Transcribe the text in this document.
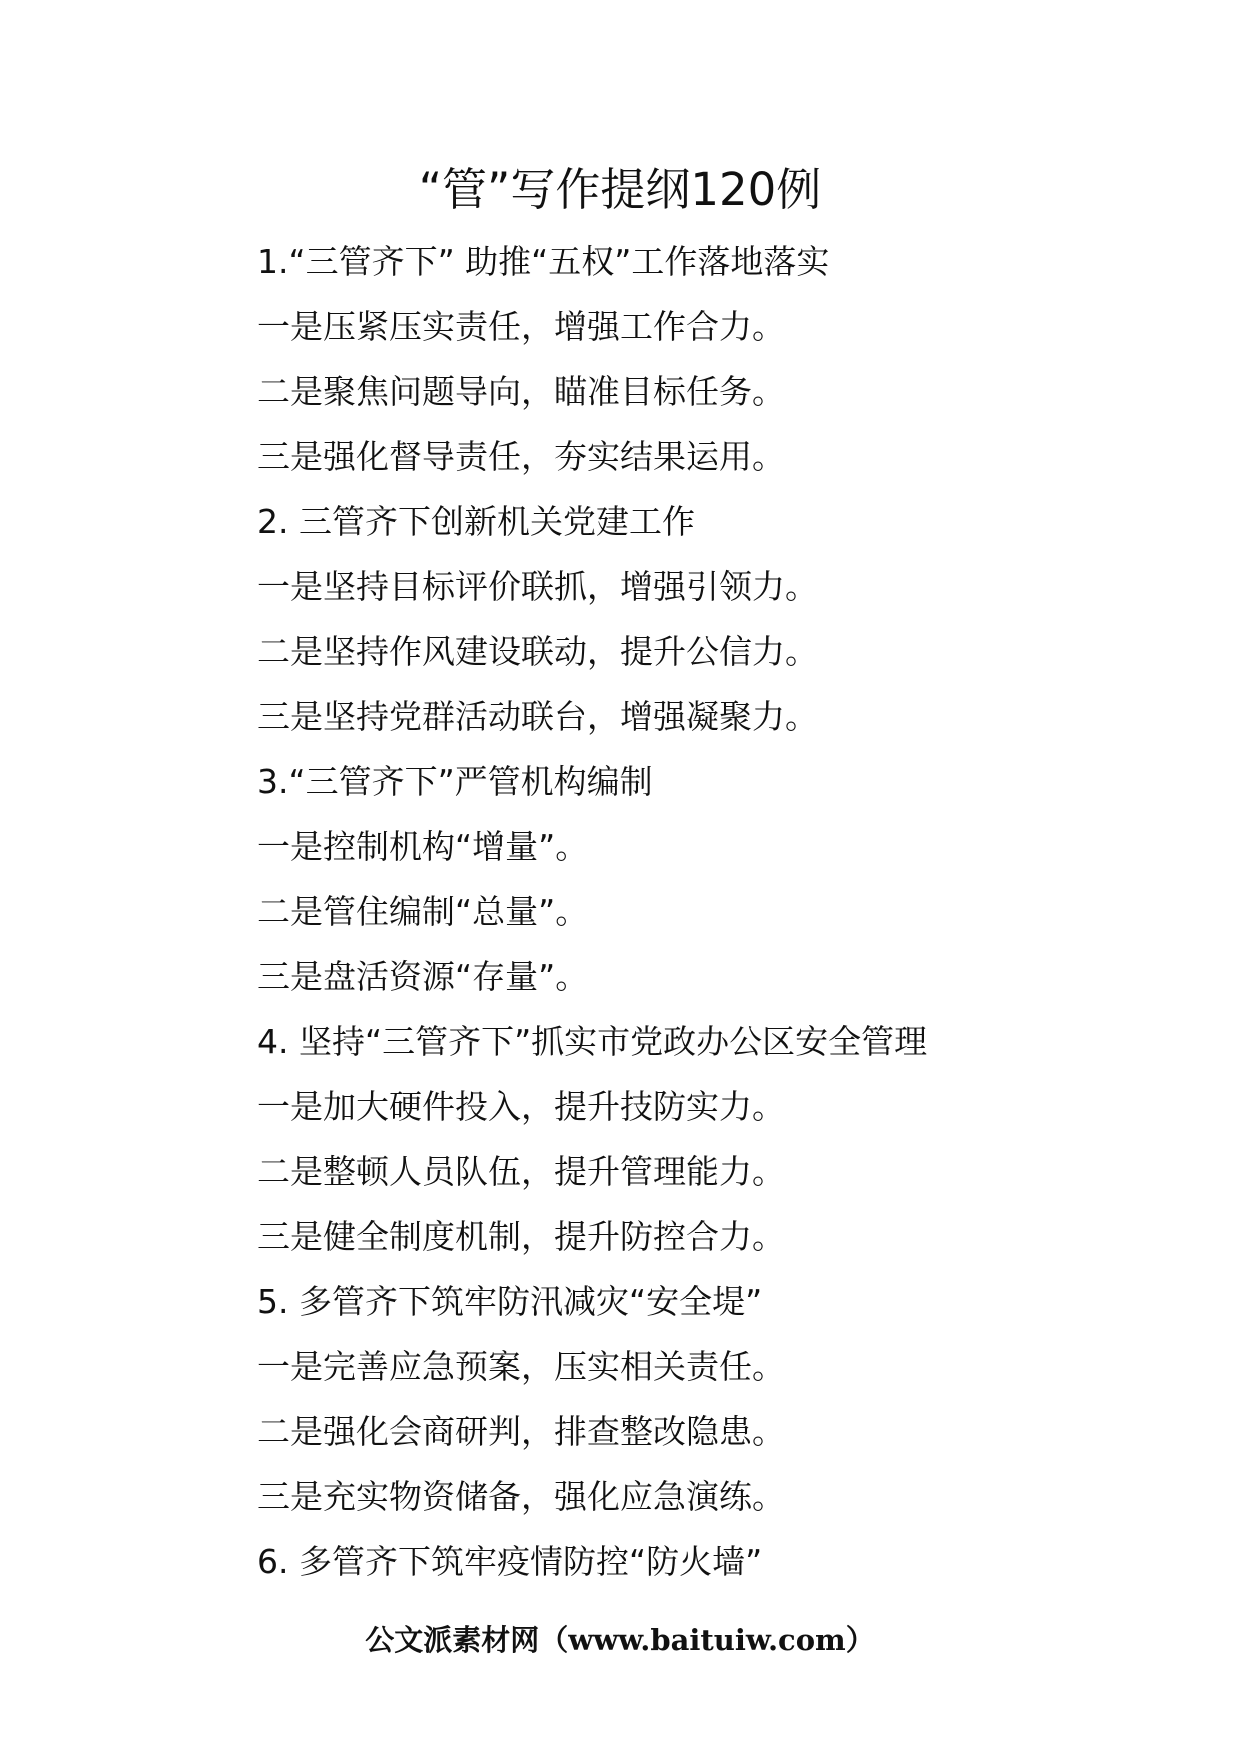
“管”写作提纲120例
1.“三管齐下” 助推“五权”工作落地落实
一是压紧压实责任，增强工作合力。
二是聚焦问题导向，瞄准目标任务。
三是强化督导责任，夯实结果运用。
2. 三管齐下创新机关党建工作
一是坚持目标评价联抓，增强引领力。
二是坚持作风建设联动，提升公信力。
三是坚持党群活动联台，增强凝聚力。
3.“三管齐下”严管机构编制
一是控制机构“增量”。
二是管住编制“总量”。
三是盘活资源“存量”。
4. 坚持“三管齐下”抓实市党政办公区安全管理
一是加大硬件投入，提升技防实力。
二是整顿人员队伍，提升管理能力。
三是健全制度机制，提升防控合力。
5. 多管齐下筑牢防汛减灾“安全堤”
一是完善应急预案，压实相关责任。
二是强化会商研判，排查整改隐患。
三是充实物资储备，强化应急演练。
6. 多管齐下筑牢疫情防控“防火墙”
公文派素材网（www.baituiw.com）
